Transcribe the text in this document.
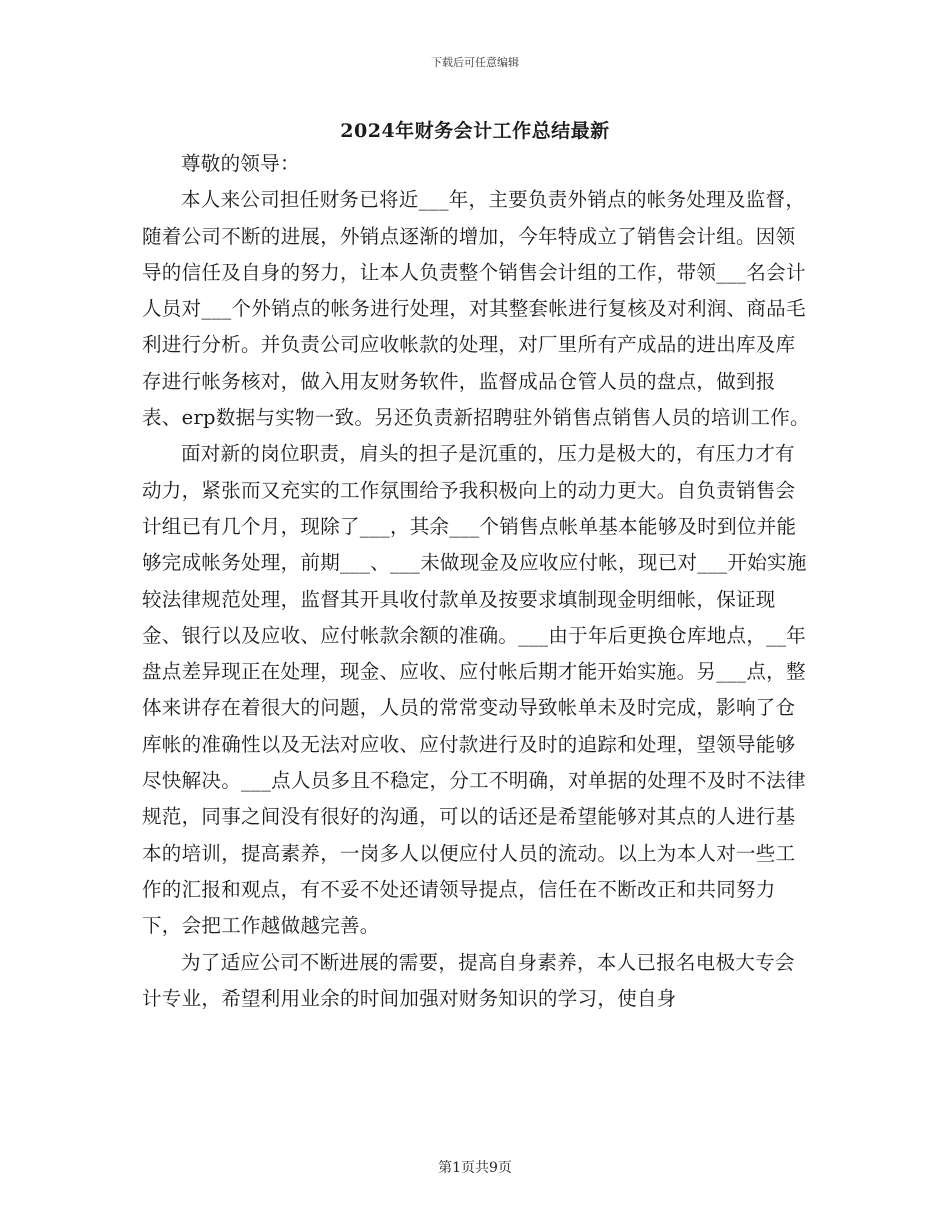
下载后可任意编辑
2024年财务会计工作总结最新

尊敬的领导：

本人来公司担任财务已将近___年，主要负责外销点的帐务处理及监督，随着公司不断的进展，外销点逐渐的增加，今年特成立了销售会计组。因领导的信任及自身的努力，让本人负责整个销售会计组的工作，带领___名会计人员对___个外销点的帐务进行处理，对其整套帐进行复核及对利润、商品毛利进行分析。并负责公司应收帐款的处理，对厂里所有产成品的进出库及库存进行帐务核对，做入用友财务软件，监督成品仓管人员的盘点，做到报表、erp数据与实物一致。另还负责新招聘驻外销售点销售人员的培训工作。

面对新的岗位职责，肩头的担子是沉重的，压力是极大的，有压力才有动力，紧张而又充实的工作氛围给予我积极向上的动力更大。自负责销售会计组已有几个月，现除了___，其余___个销售点帐单基本能够及时到位并能够完成帐务处理，前期___、___未做现金及应收应付帐，现已对___开始实施较法律规范处理，监督其开具收付款单及按要求填制现金明细帐，保证现金、银行以及应收、应付帐款余额的准确。___由于年后更换仓库地点，__年盘点差异现正在处理，现金、应收、应付帐后期才能开始实施。另___点，整体来讲存在着很大的问题，人员的常常变动导致帐单未及时完成，影响了仓库帐的准确性以及无法对应收、应付款进行及时的追踪和处理，望领导能够尽快解决。___点人员多且不稳定，分工不明确，对单据的处理不及时不法律规范，同事之间没有很好的沟通，可以的话还是希望能够对其点的人进行基本的培训，提高素养，一岗多人以便应付人员的流动。以上为本人对一些工作的汇报和观点，有不妥不处还请领导提点，信任在不断改正和共同努力下，会把工作越做越完善。

为了适应公司不断进展的需要，提高自身素养，本人已报名电极大专会计专业，希望利用业余的时间加强对财务知识的学习，使自身

第1页共9页
